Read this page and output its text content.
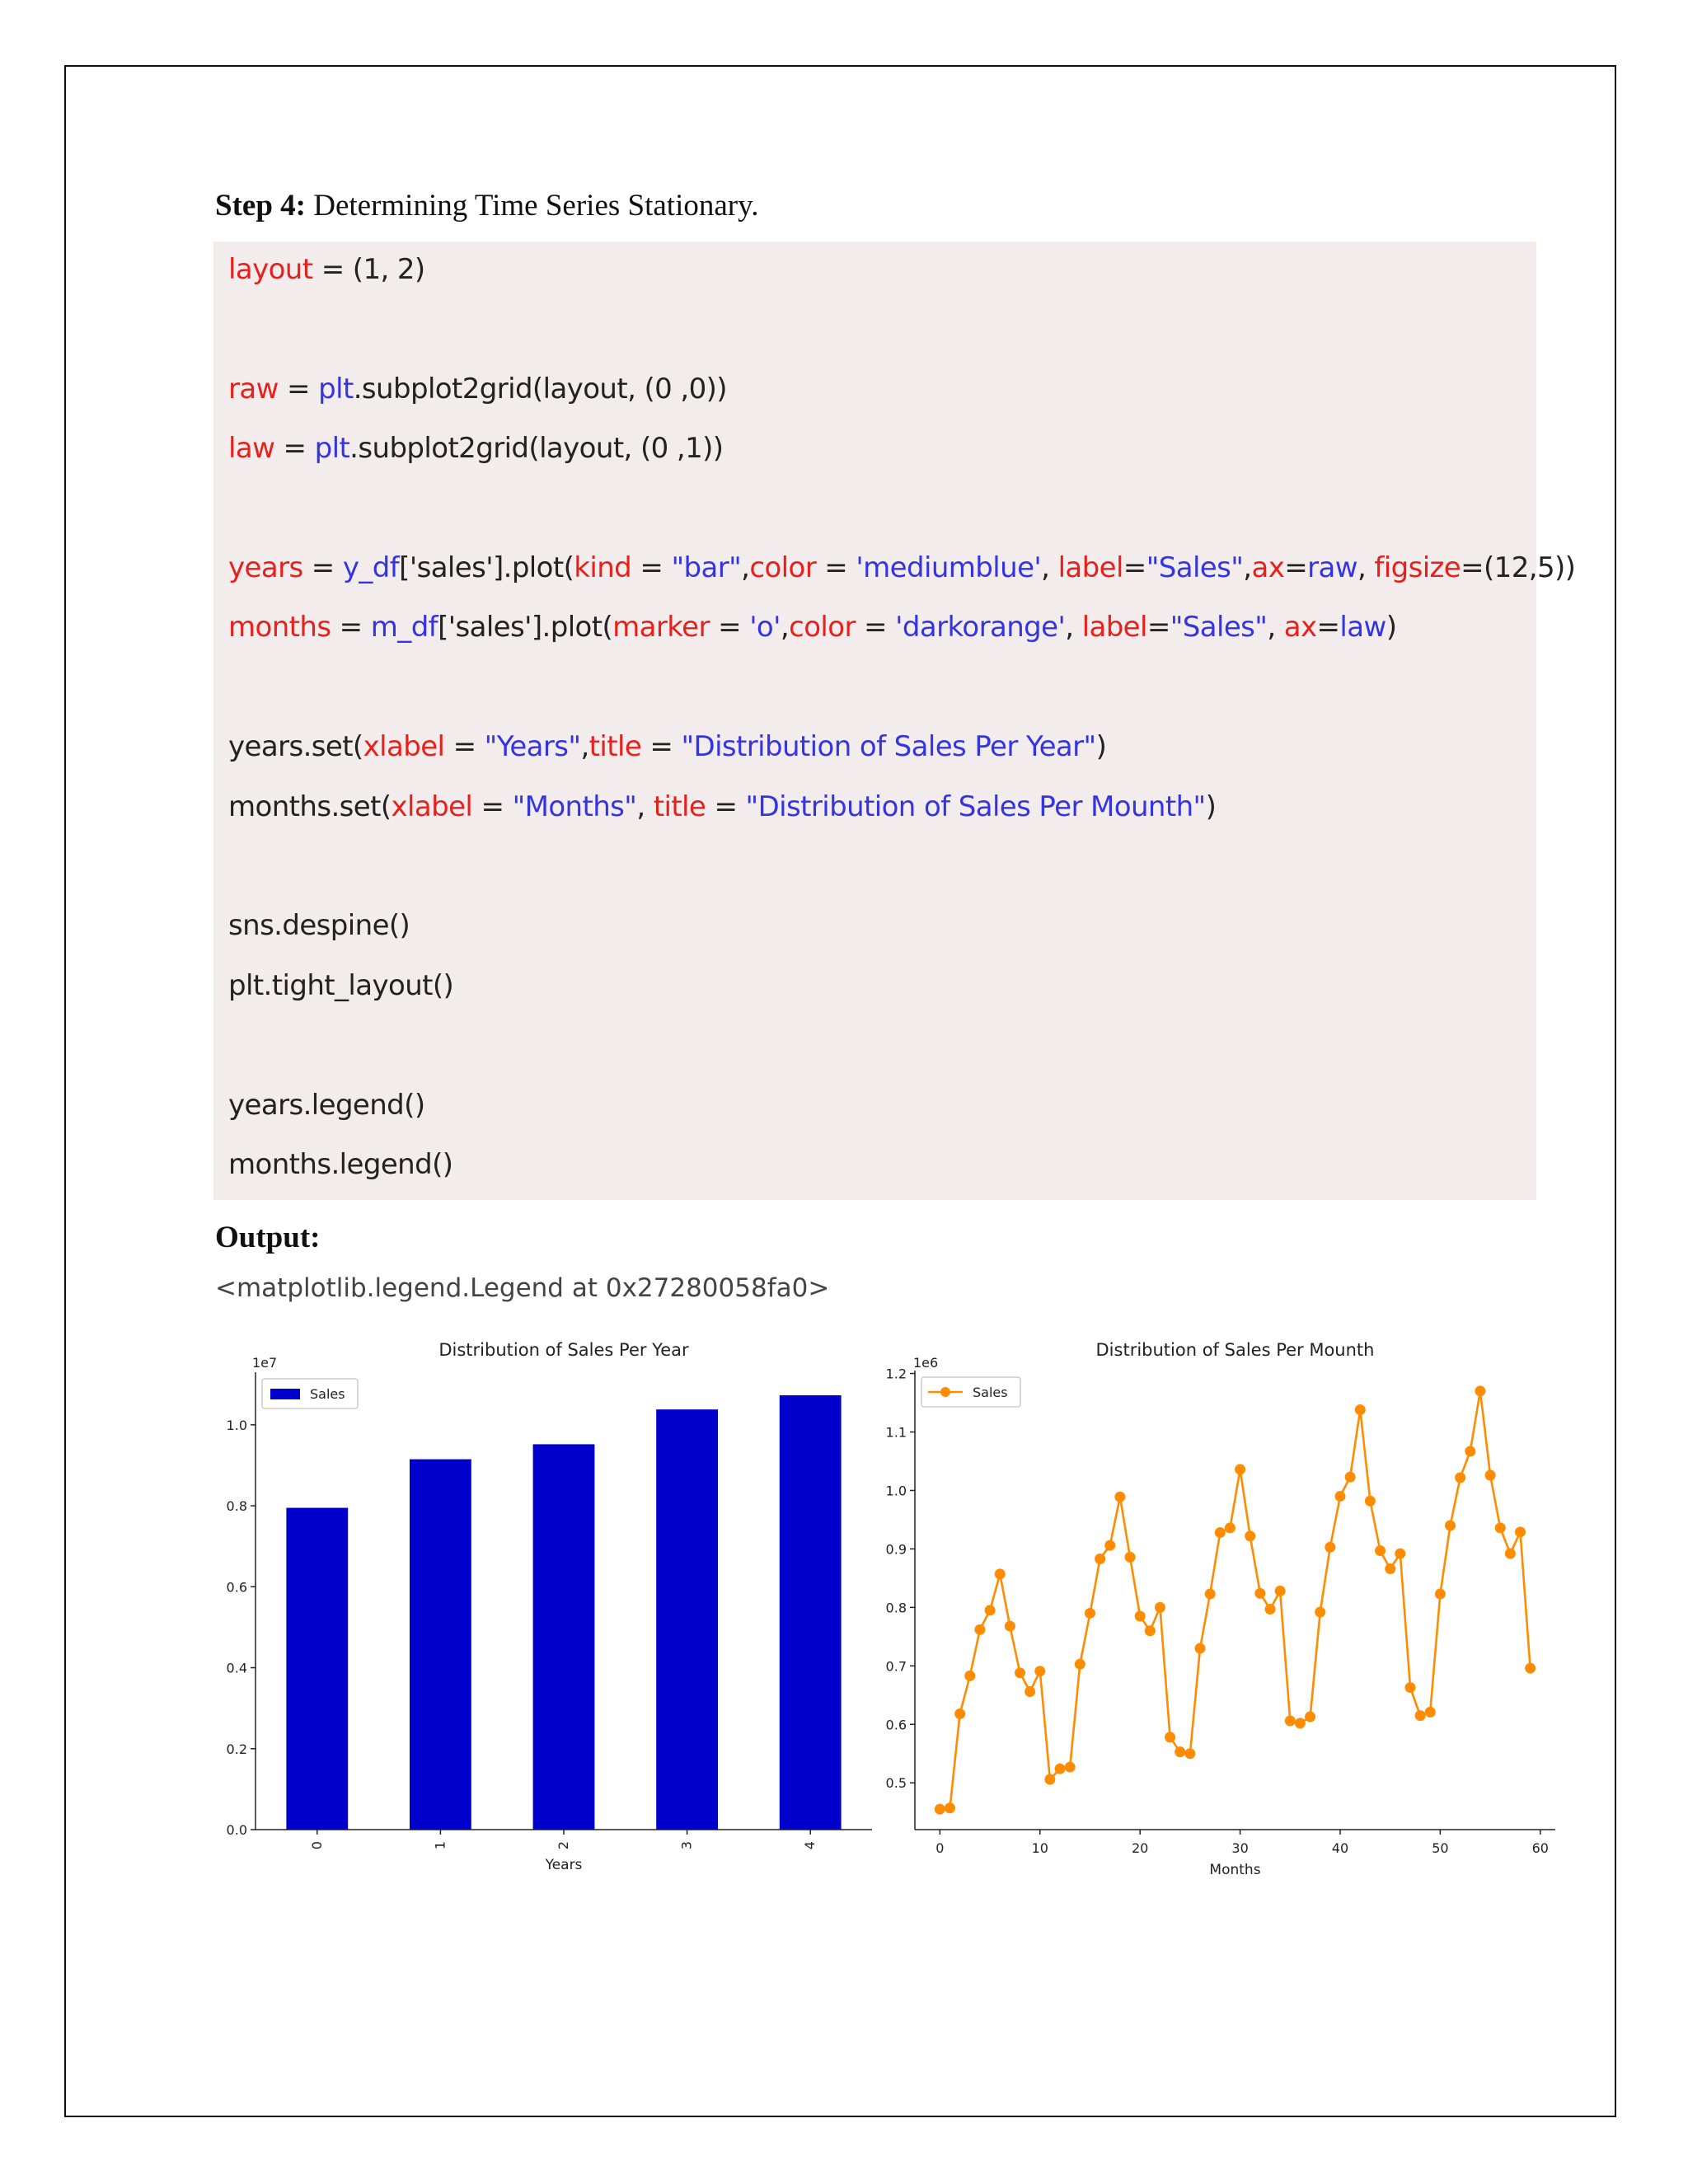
Step 4: Determining Time Series Stationary.
layout = (1, 2)
raw = plt.subplot2grid(layout, (0 ,0))
law = plt.subplot2grid(layout, (0 ,1))
years = y_df['sales'].plot(kind = "bar",color = 'mediumblue', label="Sales",ax=raw, figsize=(12,5))
months = m_df['sales'].plot(marker = 'o',color = 'darkorange', label="Sales", ax=law)
years.set(xlabel = "Years",title = "Distribution of Sales Per Year")
months.set(xlabel = "Months", title = "Distribution of Sales Per Mounth")
sns.despine()
plt.tight_layout()
years.legend()
months.legend()
Output:
<matplotlib.legend.Legend at 0x27280058fa0>
Distribution of Sales Per Year
1e7
0	1	2	3	4
0.0
0.2
0.4
0.6
0.8
1.0
Years
Sales
Distribution of Sales Per Mounth
1e6
0.5
0.6
0.7
0.8
0.9
1.0
1.1
1.2
0	10	20	30	40	50	60
Months
Sales
